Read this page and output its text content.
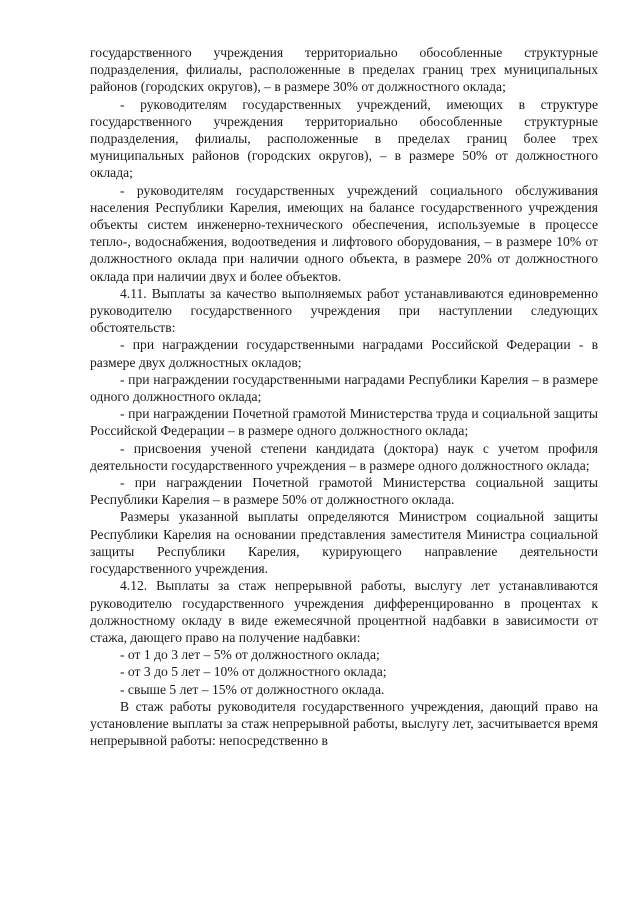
государственного учреждения территориально обособленные структурные подразделения, филиалы, расположенные в пределах границ трех муниципальных районов (городских округов), – в размере 30% от должностного оклада;

- руководителям государственных учреждений, имеющих в структуре государственного учреждения территориально обособленные структурные подразделения, филиалы, расположенные в пределах границ более трех муниципальных районов (городских округов), – в размере 50% от должностного оклада;

- руководителям государственных учреждений социального обслуживания населения Республики Карелия, имеющих на балансе государственного учреждения объекты систем инженерно-технического обеспечения, используемые в процессе тепло-, водоснабжения, водоотведения и лифтового оборудования, – в размере 10% от должностного оклада при наличии одного объекта, в размере 20% от должностного оклада при наличии двух и более объектов.

4.11. Выплаты за качество выполняемых работ устанавливаются единовременно руководителю государственного учреждения при наступлении следующих обстоятельств:

- при награждении государственными наградами Российской Федерации - в размере двух должностных окладов;

- при награждении государственными наградами Республики Карелия – в размере одного должностного оклада;

- при награждении Почетной грамотой Министерства труда и социальной защиты Российской Федерации – в размере одного должностного оклада;

- присвоения ученой степени кандидата (доктора) наук с учетом профиля деятельности государственного учреждения – в размере одного должностного оклада;

- при награждении Почетной грамотой Министерства социальной защиты Республики Карелия – в размере 50% от должностного оклада.

Размеры указанной выплаты определяются Министром социальной защиты Республики Карелия на основании представления заместителя Министра социальной защиты Республики Карелия, курирующего направление деятельности государственного учреждения.

4.12. Выплаты за стаж непрерывной работы, выслугу лет устанавливаются руководителю государственного учреждения дифференцированно в процентах к должностному окладу в виде ежемесячной процентной надбавки в зависимости от стажа, дающего право на получение надбавки:

- от 1 до 3 лет – 5% от должностного оклада;

- от 3 до 5 лет – 10% от должностного оклада;

- свыше 5 лет – 15% от должностного оклада.

В стаж работы руководителя государственного учреждения, дающий право на установление выплаты за стаж непрерывной работы, выслугу лет, засчитывается время непрерывной работы: непосредственно в
